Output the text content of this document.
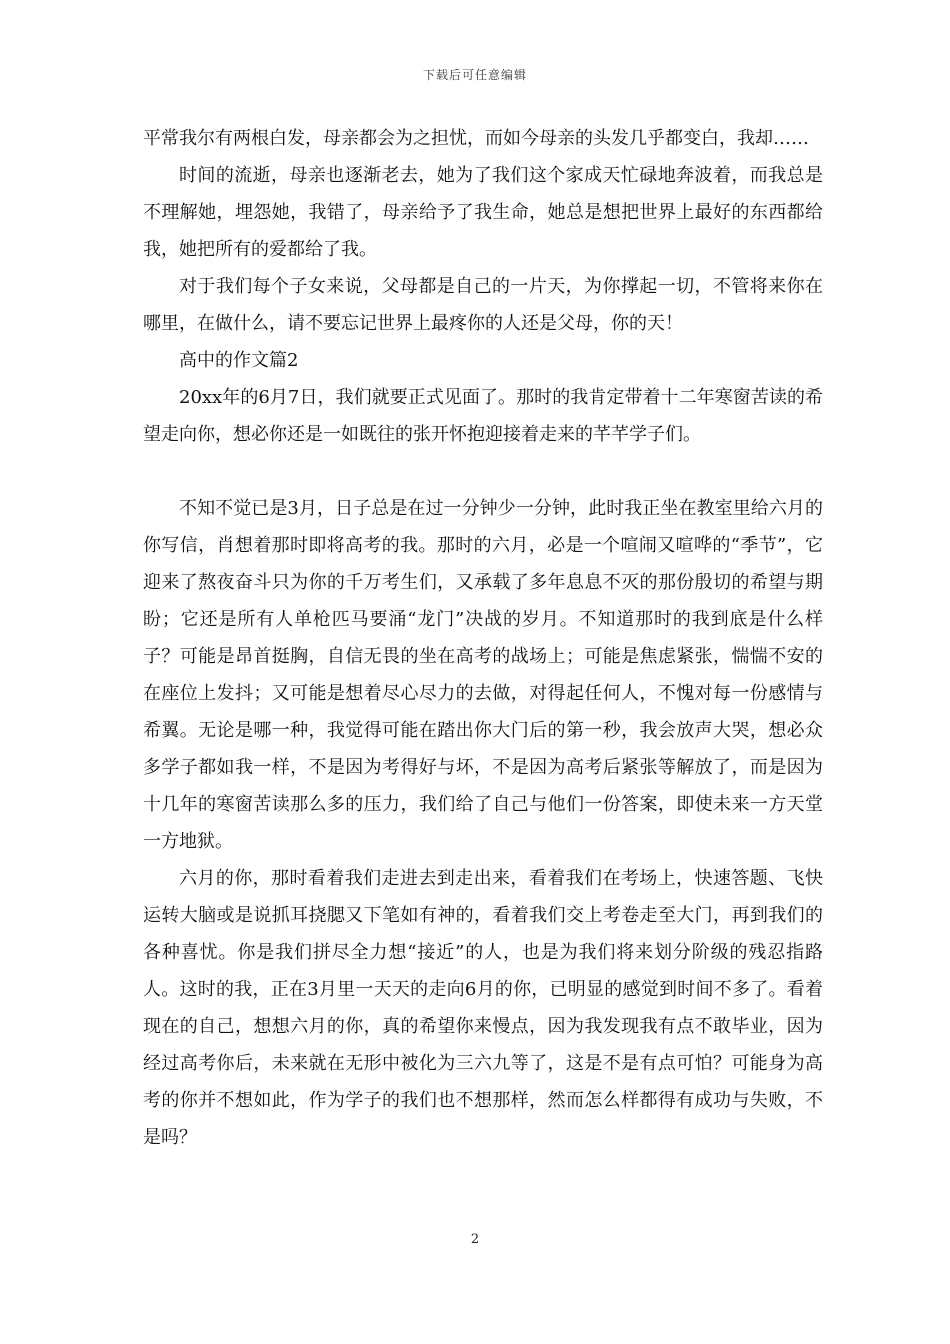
下载后可任意编辑

平常我尔有两根白发，母亲都会为之担忧，而如今母亲的头发几乎都变白，我却……

时间的流逝，母亲也逐渐老去，她为了我们这个家成天忙碌地奔波着，而我总是不理解她，埋怨她，我错了，母亲给予了我生命，她总是想把世界上最好的东西都给我，她把所有的爱都给了我。

对于我们每个子女来说，父母都是自己的一片天，为你撑起一切，不管将来你在哪里，在做什么，请不要忘记世界上最疼你的人还是父母，你的天！

高中的作文篇2

20xx年的6月7日，我们就要正式见面了。那时的我肯定带着十二年寒窗苦读的希望走向你，想必你还是一如既往的张开怀抱迎接着走来的芊芊学子们。

不知不觉已是3月，日子总是在过一分钟少一分钟，此时我正坐在教室里给六月的你写信，肖想着那时即将高考的我。那时的六月，必是一个喧闹又喧哗的“季节”，它迎来了熬夜奋斗只为你的千万考生们，又承载了多年息息不灭的那份殷切的希望与期盼；它还是所有人单枪匹马要涌“龙门”决战的岁月。不知道那时的我到底是什么样子？可能是昂首挺胸，自信无畏的坐在高考的战场上；可能是焦虑紧张，惴惴不安的在座位上发抖；又可能是想着尽心尽力的去做，对得起任何人，不愧对每一份感情与希翼。无论是哪一种，我觉得可能在踏出你大门后的第一秒，我会放声大哭，想必众多学子都如我一样，不是因为考得好与坏，不是因为高考后紧张等解放了，而是因为十几年的寒窗苦读那么多的压力，我们给了自己与他们一份答案，即使未来一方天堂一方地狱。

六月的你，那时看着我们走进去到走出来，看着我们在考场上，快速答题、飞快运转大脑或是说抓耳挠腮又下笔如有神的，看着我们交上考卷走至大门，再到我们的各种喜忧。你是我们拼尽全力想“接近”的人，也是为我们将来划分阶级的残忍指路人。这时的我，正在3月里一天天的走向6月的你，已明显的感觉到时间不多了。看着现在的自己，想想六月的你，真的希望你来慢点，因为我发现我有点不敢毕业，因为经过高考你后，未来就在无形中被化为三六九等了，这是不是有点可怕？可能身为高考的你并不想如此，作为学子的我们也不想那样，然而怎么样都得有成功与失败，不是吗？

2
